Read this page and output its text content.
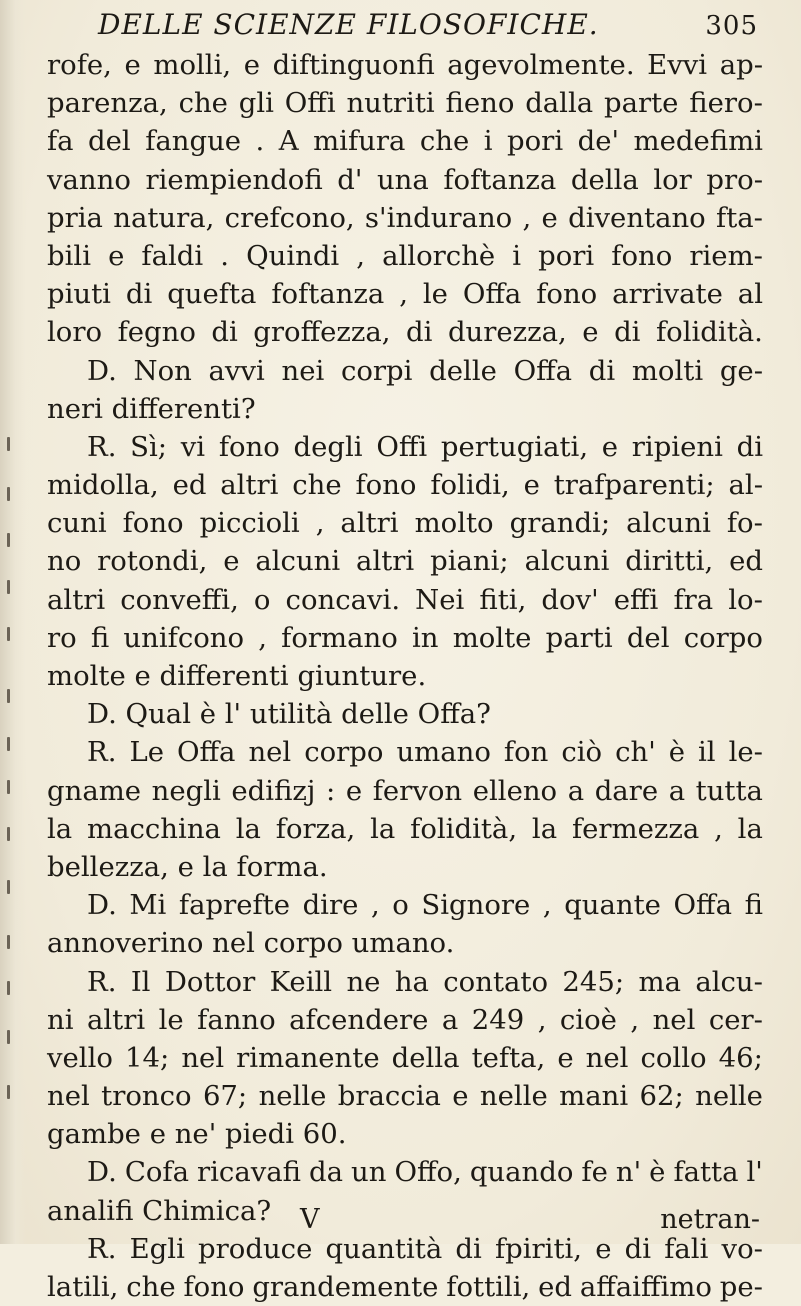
DELLE SCIENZE FILOSOFICHE.	305
rofe, e molli, e diftinguonfi agevolmente. Evvi ap-
parenza, che gli Offi nutriti fieno dalla parte fiero-
fa del fangue . A mifura che i pori de' medefimi
vanno riempiendofi d' una foftanza della lor pro-
pria natura, crefcono, s'indurano , e diventano fta-
bili e faldi . Quindi , allorchè i pori fono riem-
piuti di quefta foftanza , le Offa fono arrivate al
loro fegno di groffezza, di durezza, e di folidità.
D. Non avvi nei corpi delle Offa di molti ge-
neri differenti?
R. Sì; vi fono degli Offi pertugiati, e ripieni di
midolla, ed altri che fono folidi, e trafparenti; al-
cuni fono piccioli , altri molto grandi; alcuni fo-
no rotondi, e alcuni altri piani; alcuni diritti, ed
altri conveffi, o concavi. Nei fiti, dov' effi fra lo-
ro fi unifcono , formano in molte parti del corpo
molte e differenti giunture.
D. Qual è l' utilità delle Offa?
R. Le Offa nel corpo umano fon ciò ch' è il le-
gname negli edifizj : e fervon elleno a dare a tutta
la macchina la forza, la folidità, la fermezza , la
bellezza, e la forma.
D. Mi faprefte dire , o Signore , quante Offa fi
annoverino nel corpo umano.
R. Il Dottor Keill ne ha contato 245; ma alcu-
ni altri le fanno afcendere a 249 , cioè , nel cer-
vello 14; nel rimanente della tefta, e nel collo 46;
nel tronco 67; nelle braccia e nelle mani 62; nelle
gambe e ne' piedi 60.
D. Cofa ricavafi da un Offo, quando fe n' è fatta l'
analifi Chimica?
R. Egli produce quantità di fpiriti, e di fali vo-
latili, che fono grandemente fottili, ed affaiffimo pe-
V	netran-
